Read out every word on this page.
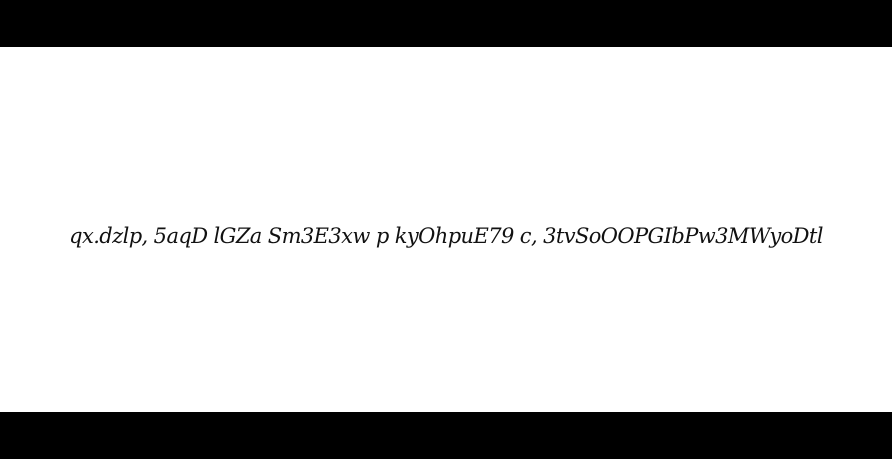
qx.dzlp, 5aqD lGZa Sm3E3xw p kyOhpuE79 c, 3tvSoOOPGIbPw3MWyoDtl
